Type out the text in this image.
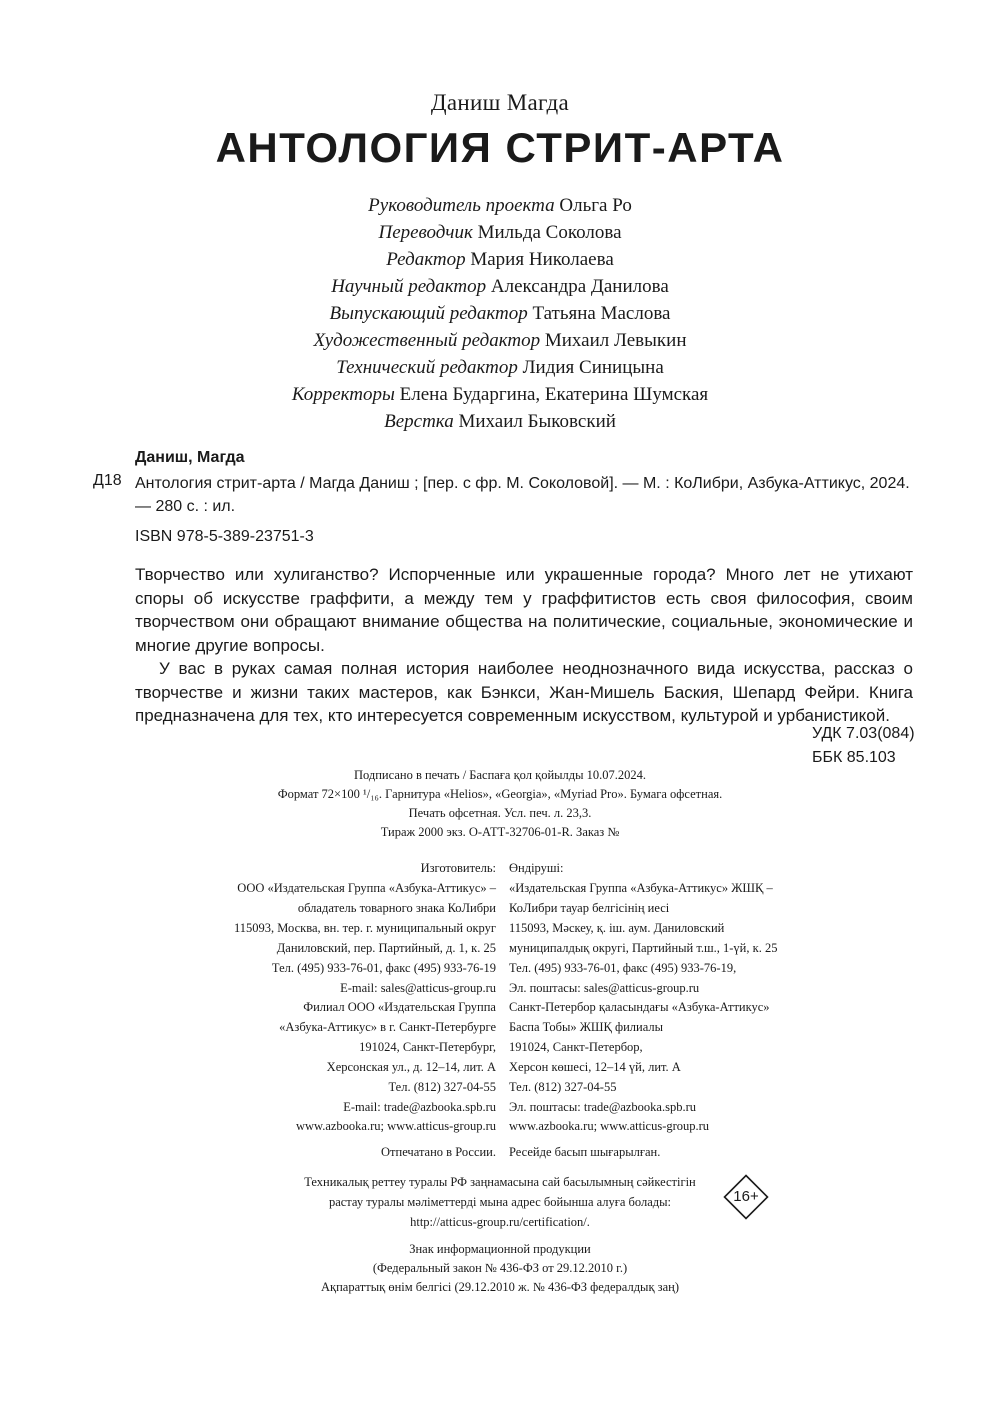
Даниш Магда
АНТОЛОГИЯ СТРИТ-АРТА
Руководитель проекта Ольга Ро
Переводчик Мильда Соколова
Редактор Мария Николаева
Научный редактор Александра Данилова
Выпускающий редактор Татьяна Маслова
Художественный редактор Михаил Левыкин
Технический редактор Лидия Синицына
Корректоры Елена Бударгина, Екатерина Шумская
Верстка Михаил Быковский
Даниш, Магда
Д18 Антология стрит-арта / Магда Даниш ; [пер. с фр. М. Соколовой]. — М. : КоЛибри, Азбука-Аттикус, 2024. — 280 с. : ил.
ISBN 978-5-389-23751-3

Творчество или хулиганство? Испорченные или украшенные города? Много лет не утихают споры об искусстве граффити, а между тем у граффитистов есть своя философия, своим творчеством они обращают внимание общества на политические, социальные, экономические и многие другие вопросы.

У вас в руках самая полная история наиболее неоднозначного вида искусства, рассказ о творчестве и жизни таких мастеров, как Бэнкси, Жан-Мишель Баския, Шепард Фейри. Книга предназначена для тех, кто интересуется современным искусством, культурой и урбанистикой.

УДК 7.03(084)
ББК 85.103
Подписано в печать / Баспаға қол қойылды 10.07.2024.
Формат 72×100 ¹/₁₆. Гарнитура «Helios», «Georgia», «Myriad Pro». Бумага офсетная.
Печать офсетная. Усл. печ. л. 23,3.
Тираж 2000 экз. О-АТТ-32706-01-R. Заказ №
Изготовитель:
ООО «Издательская Группа «Азбука-Аттикус» –
обладатель товарного знака КоЛибри
115093, Москва, вн. тер. г. муниципальный округ
Даниловский, пер. Партийный, д. 1, к. 25
Тел. (495) 933-76-01, факс (495) 933-76-19
E-mail: sales@atticus-group.ru
Өндіруші:
«Издательская Группа «Азбука-Аттикус» ЖШҚ –
КоЛибри тауар белгісінің иесі
115093, Мәскеу, қ. іш. аум. Даниловский
муниципалдық округі, Партийный т.ш., 1-үй, к. 25
Тел. (495) 933-76-01, факс (495) 933-76-19,
Эл. поштасы: sales@atticus-group.ru
Филиал ООО «Издательская Группа
«Азбука-Аттикус» в г. Санкт-Петербурге
191024, Санкт-Петербург,
Херсонская ул., д. 12–14, лит. А
Тел. (812) 327-04-55
E-mail: trade@azbooka.spb.ru
Санкт-Петербор қаласындағы «Азбука-Аттикус»
Баспа Тобы» ЖШҚ филиалы
191024, Санкт-Петербор,
Херсон көшесі, 12–14 үй, лит. А
Тел. (812) 327-04-55
Эл. поштасы: trade@azbooka.spb.ru
www.azbooka.ru; www.atticus-group.ru www.azbooka.ru; www.atticus-group.ru
Отпечатано в России. Ресейде басып шығарылған.
Техникалық реттеу туралы РФ заңнамасына сай басылымның сәйкестігін
растау туралы мәліметтерді мына адрес бойынша алуға болады:
http://atticus-group.ru/certification/.
16+
Знак информационной продукции
(Федеральный закон № 436-ФЗ от 29.12.2010 г.)
Ақпараттық өнім белгісі (29.12.2010 ж. № 436-ФЗ федералдық заң)
